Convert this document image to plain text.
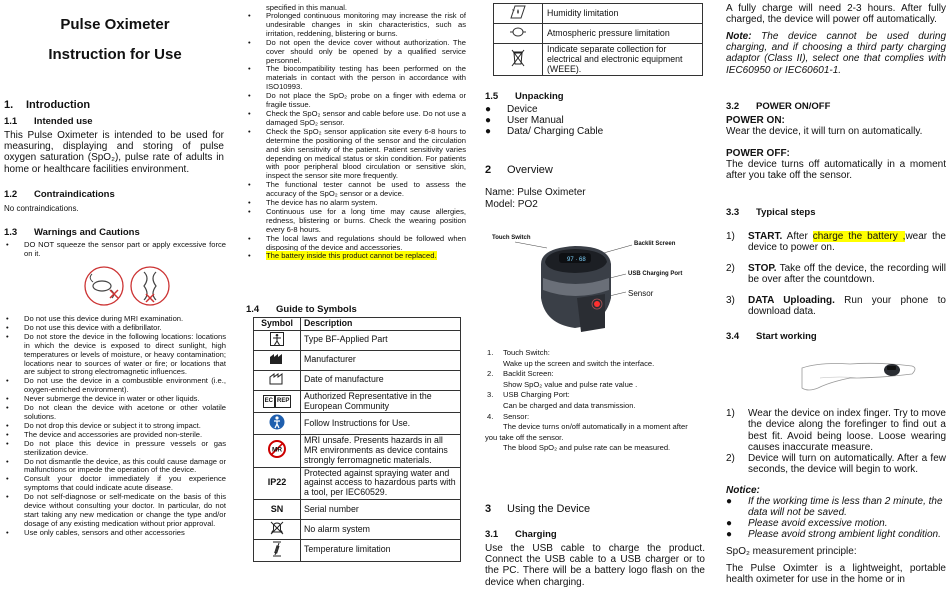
Pulse Oximeter
Instruction for Use
1.	Introduction
1.1	Intended use
This Pulse Oximeter is intended to be used for measuring, displaying and storing of pulse oxygen saturation (SpO₂), pulse rate of adults in home or healthcare facilities environment.
1.2	Contraindications
No contraindications.
1.3	Warnings and Cautions
• DO NOT squeeze the sensor part or apply excessive force on it.
• Do not use this device during MRI examination.
• Do not use this device with a defibrillator.
• Do not store the device in the following locations: locations in which the device is exposed to direct sunlight, high temperatures or levels of moisture, or heavy contamination; locations near to sources of water or fire; or locations that are subject to strong electromagnetic influences.
• Do not use the device in a combustible environment (i.e., oxygen-enriched environment).
• Never submerge the device in water or other liquids.
• Do not clean the device with acetone or other volatile solutions.
• Do not drop this device or subject it to strong impact.
• The device and accessories are provided non-sterile.
• Do not place this device in pressure vessels or gas sterilization device.
• Do not dismantle the device, as this could cause damage or malfunctions or impede the operation of the device.
• Consult your doctor immediately if you experience symptoms that could indicate acute disease.
• Do not self-diagnose or self-medicate on the basis of this device without consulting your doctor. In particular, do not start taking any new medication or change the type and/or dosage of any existing medication without prior approval.
• Use only cables, sensors and other accessories
specified in this manual.
• Prolonged continuous monitoring may increase the risk of undesirable changes in skin characteristics, such as irritation, reddening, blistering or burns.
• Do not open the device cover without authorization. The cover should only be opened by a qualified service personnel.
• The biocompatibility testing has been performed on the materials in contact with the person in accordance with ISO10993.
• Do not place the SpO₂ probe on a finger with edema or fragile tissue.
• Check the SpO₂ sensor and cable before use. Do not use a damaged SpO₂ sensor.
• Check the SpO₂ sensor application site every 6-8 hours to determine the positioning of the sensor and the circulation and skin sensitivity of the patient. Patient sensitivity varies depending on medical status or skin condition. For patients with poor peripheral blood circulation or sensitive skin, inspect the sensor site more frequently.
• The functional tester cannot be used to assess the accuracy of the SpO₂ sensor or a device.
• The device has no alarm system.
• Continuous use for a long time may cause allergies, redness, blistering or burns. Check the wearing position every 6-8 hours.
• The local laws and regulations should be followed when disposing of the device and accessories.
• The battery inside this product cannot be replaced.
1.4	Guide to Symbols
Symbol	Description
	Type BF-Applied Part
	Manufacturer
	Date of manufacture
EC REP	Authorized Representative in the European Community
	Follow Instructions for Use.

MR	MRI unsafe. Presents hazards in all MR environments as device contains strongly ferromagnetic materials.
IP22	Protected against spraying water and against access to hazardous parts with a tool, per IEC60529.
SN	Serial number
	No alarm system
	Temperature limitation
%	Humidity limitation
	Atmospheric pressure limitation
	Indicate separate collection for electrical and electronic equipment (WEEE).
1.5	Unpacking
●	Device
●	User Manual
●	Data/ Charging Cable
2	Overview
Name: Pulse Oximeter
Model: PO2
Touch Switch
Backlit Screen
USB Charging Port
Sensor
97 · 68
1. Touch Switch:
Wake up the screen and switch the interface.
2. Backlit Screen:
Show SpO₂ value and pulse rate value .
3. USB Charging Port:
Can be charged and data transmission.
4. Sensor:
The device turns on/off automatically in a moment after
you take off the sensor.
The blood SpO₂ and pulse rate can be measured.
3	Using the Device
3.1	Charging
Use the USB cable to charge the product. Connect the USB cable to a USB charger or to the PC. There will be a battery logo flash on the device when charging.
A fully charge will need 2-3 hours. After fully charged, the device will power off automatically.
Note: The device cannot be used during charging, and if choosing a third party charging adaptor (Class II), select one that complies with IEC60950 or IEC60601-1.
3.2	POWER ON/OFF
POWER ON:
Wear the device, it will turn on automatically.
POWER OFF:
The device turns off automatically in a moment after you take off the sensor.
3.3	Typical steps
1)	START. After charge the battery ,wear the device to power on.
2)	STOP. Take off the device, the recording will be over after the countdown.
3)	DATA Uploading. Run your phone to download data.
3.4	Start working
1)	Wear the device on index finger. Try to move the device along the forefinger to find out a best fit. Avoid being loose. Loose wearing causes inaccurate measure.
2)	Device will turn on automatically. After a few seconds, the device will begin to work.
Notice:
●	If the working time is less than 2 minute, the data will not be saved.
●	Please avoid excessive motion.
●	Please avoid strong ambient light condition.
SpO₂ measurement principle:
The Pulse Oximter is a lightweight, portable health oximeter for use in the home or in
